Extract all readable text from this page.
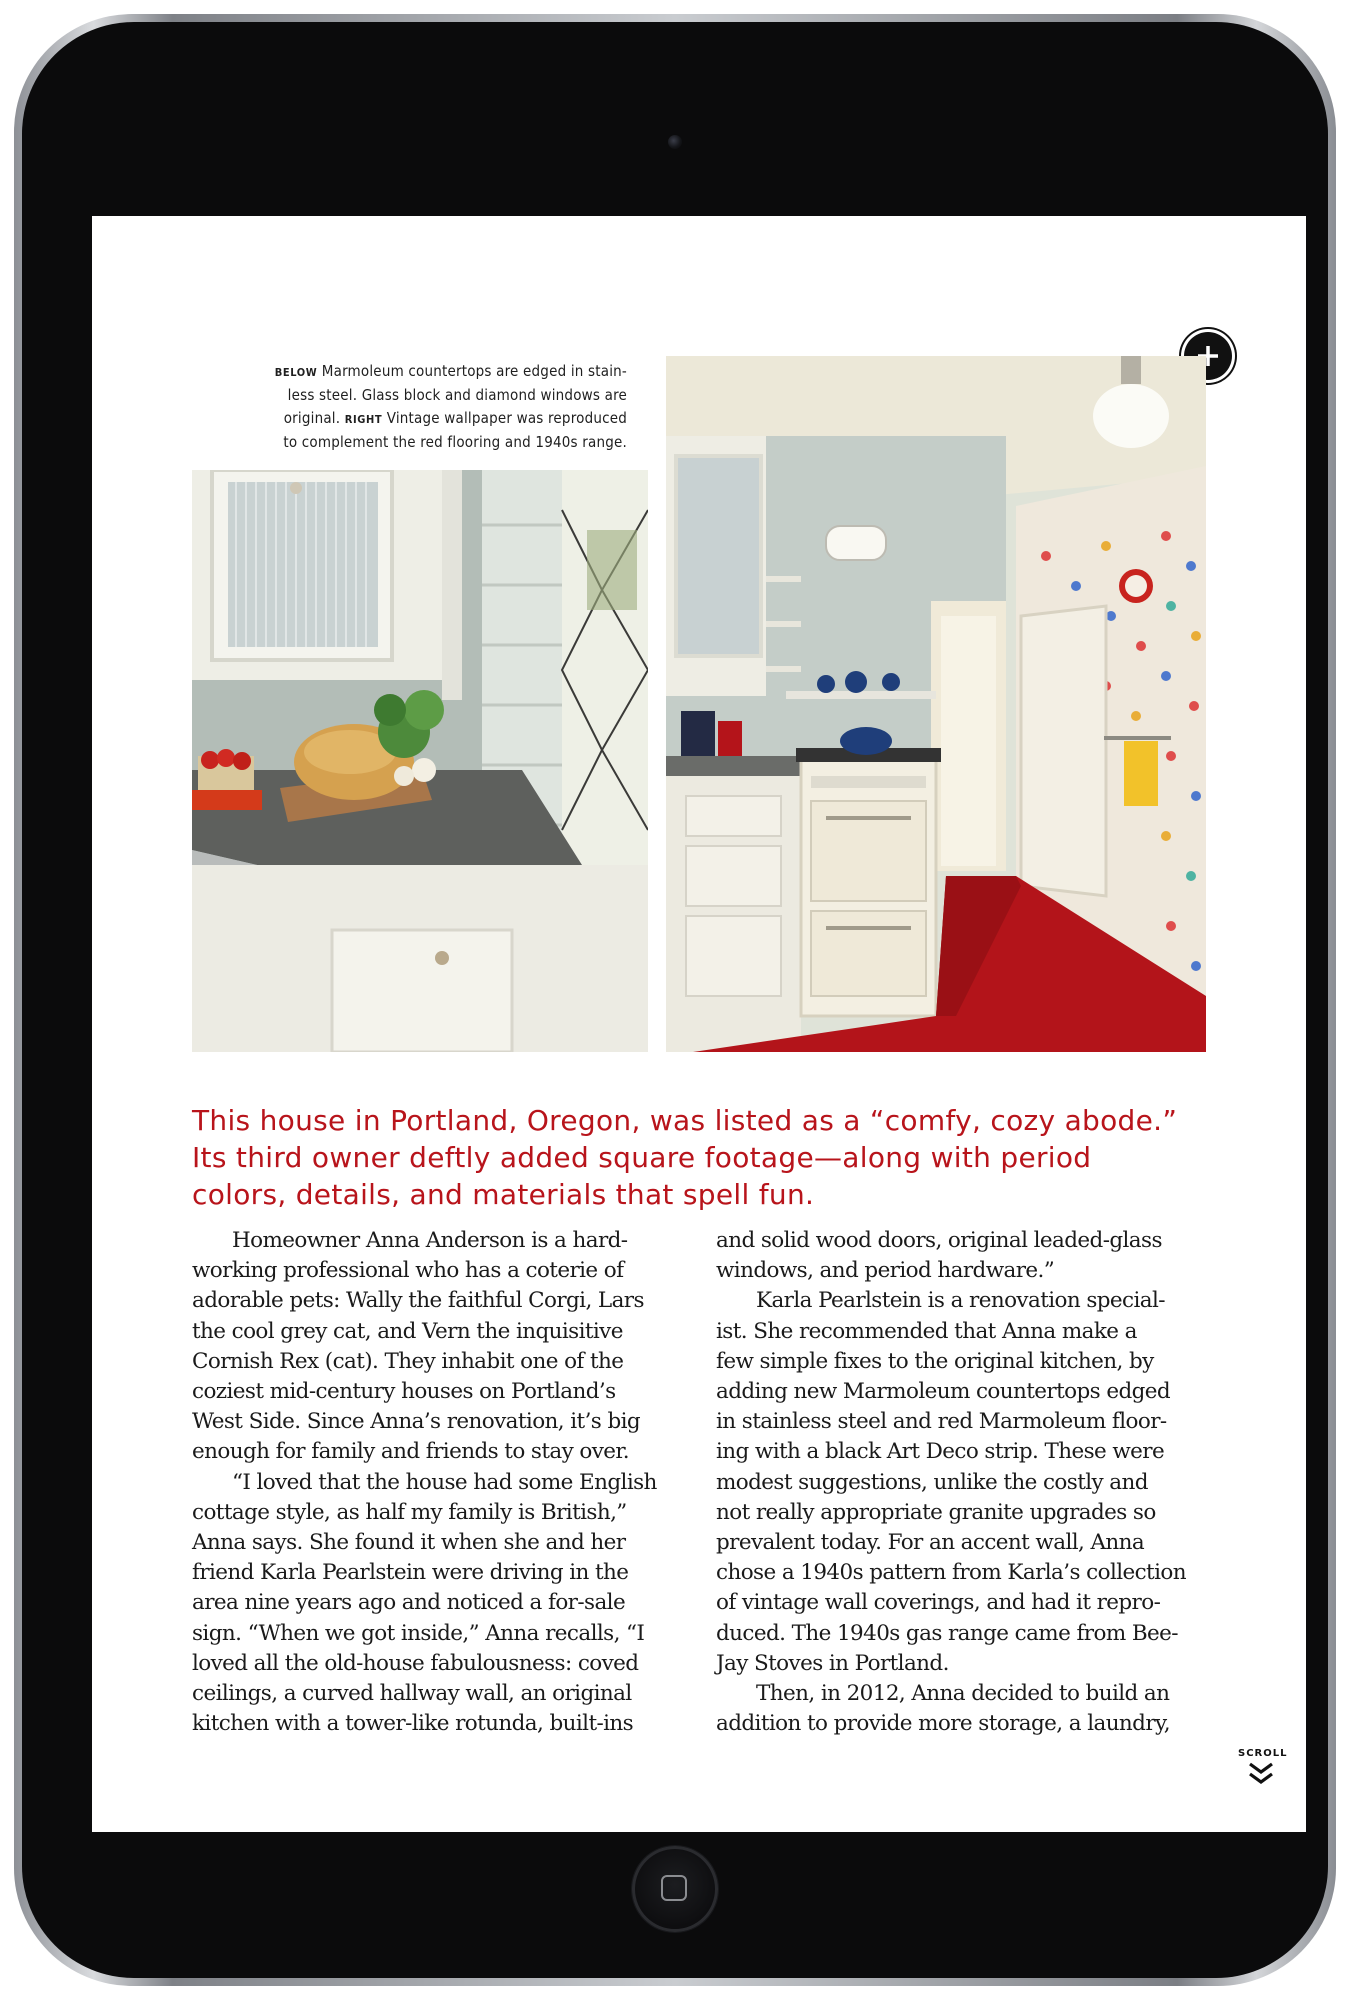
BELOW Marmoleum countertops are edged in stain-
less steel. Glass block and diamond windows are
original. RIGHT Vintage wallpaper was reproduced
to complement the red flooring and 1940s range.
This house in Portland, Oregon, was listed as a “comfy, cozy abode.”
Its third owner deftly added square footage—along with period
colors, details, and materials that spell fun.
Homeowner Anna Anderson is a hard-
working professional who has a coterie of
adorable pets: Wally the faithful Corgi, Lars
the cool grey cat, and Vern the inquisitive
Cornish Rex (cat). They inhabit one of the
coziest mid-century houses on Portland’s
West Side. Since Anna’s renovation, it’s big
enough for family and friends to stay over.
“I loved that the house had some English
cottage style, as half my family is British,”
Anna says. She found it when she and her
friend Karla Pearlstein were driving in the
area nine years ago and noticed a for-sale
sign. “When we got inside,” Anna recalls, “I
loved all the old-house fabulousness: coved
ceilings, a curved hallway wall, an original
kitchen with a tower-like rotunda, built-ins
and solid wood doors, original leaded-glass
windows, and period hardware.”
Karla Pearlstein is a renovation special-
ist. She recommended that Anna make a
few simple fixes to the original kitchen, by
adding new Marmoleum countertops edged
in stainless steel and red Marmoleum floor-
ing with a black Art Deco strip. These were
modest suggestions, unlike the costly and
not really appropriate granite upgrades so
prevalent today. For an accent wall, Anna
chose a 1940s pattern from Karla’s collection
of vintage wall coverings, and had it repro-
duced. The 1940s gas range came from Bee-
Jay Stoves in Portland.
Then, in 2012, Anna decided to build an
addition to provide more storage, a laundry,
SCROLL
